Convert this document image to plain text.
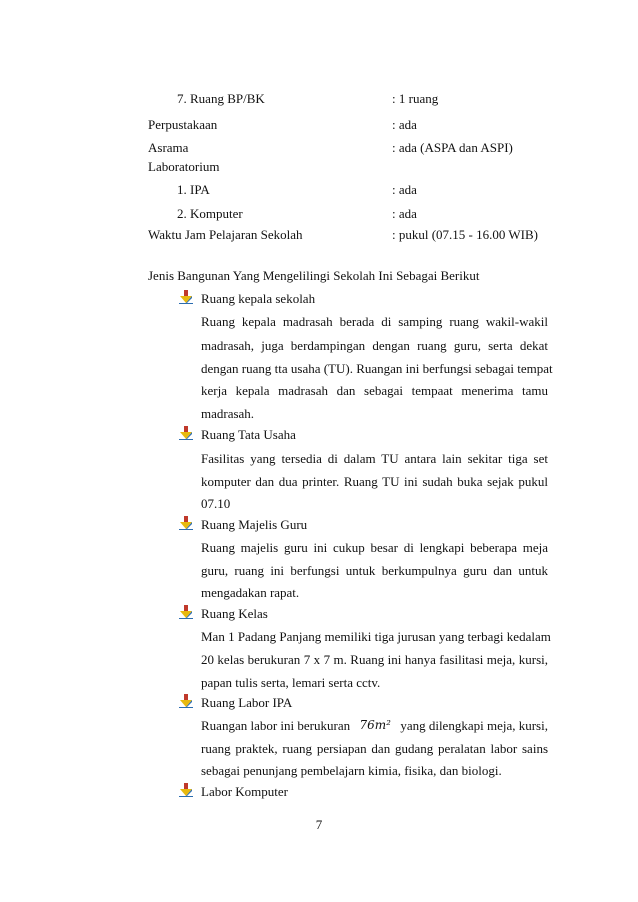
7. Ruang BP/BK	: 1 ruang
Perpustakaan	: ada
Asrama	: ada (ASPA dan ASPI)
Laboratorium
1. IPA	: ada
2. Komputer	: ada
Waktu Jam Pelajaran Sekolah	: pukul (07.15 - 16.00 WIB)
Jenis Bangunan Yang Mengelilingi Sekolah Ini Sebagai Berikut
Ruang kepala sekolah
Ruang kepala madrasah berada di samping ruang wakil-wakil
madrasah, juga berdampingan dengan ruang guru, serta dekat
dengan ruang tta usaha (TU). Ruangan ini berfungsi sebagai tempat
kerja kepala madrasah dan sebagai tempaat menerima tamu
madrasah.
Ruang Tata Usaha
Fasilitas yang tersedia di dalam TU antara lain sekitar tiga set
komputer dan dua printer. Ruang TU ini sudah buka sejak pukul
07.10
Ruang Majelis Guru
Ruang majelis guru ini cukup besar di lengkapi beberapa meja
guru, ruang ini berfungsi untuk berkumpulnya guru dan untuk
mengadakan rapat.
Ruang Kelas
Man 1 Padang Panjang memiliki tiga jurusan yang terbagi kedalam
20 kelas berukuran 7 x 7 m. Ruang ini hanya fasilitasi meja, kursi,
papan tulis serta, lemari serta cctv.
Ruang Labor IPA
Ruangan labor ini berukuran 76m² yang dilengkapi meja, kursi,
ruang praktek, ruang persiapan dan gudang peralatan labor sains
sebagai penunjang pembelajarn kimia, fisika, dan biologi.
Labor Komputer
7
